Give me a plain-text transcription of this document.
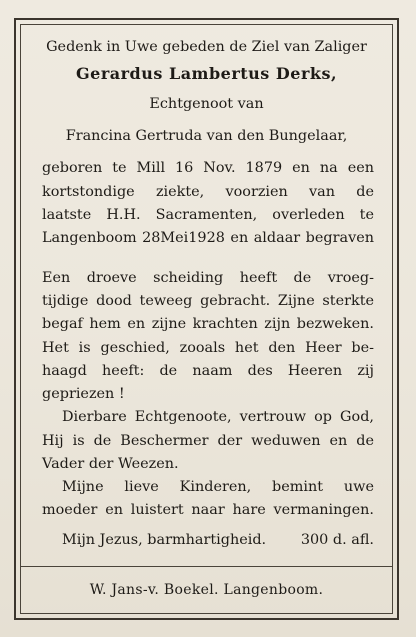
Gedenk in Uwe gebeden de Ziel van Zaliger
Gerardus Lambertus Derks,
Echtgenoot van
Francina Gertruda van den Bungelaar,
geboren te Mill 16 Nov. 1879 en na een
kortstondige ziekte, voorzien van de
laatste H.H. Sacramenten, overleden te
Langenboom 28Mei1928 en aldaar begraven
Een droeve scheiding heeft de vroeg-
tijdige dood teweeg gebracht. Zijne sterkte
begaf hem en zijne krachten zijn bezweken.
Het is geschied, zooals het den Heer be-
haagd heeft: de naam des Heeren zij
gepriezen !
Dierbare Echtgenoote, vertrouw op God,
Hij is de Beschermer der weduwen en de
Vader der Weezen.
Mijne lieve Kinderen, bemint uwe
moeder en luistert naar hare vermaningen.
Mijn Jezus, barmhartigheid. 300 d. afl.
W. Jans-v. Boekel. Langenboom.
